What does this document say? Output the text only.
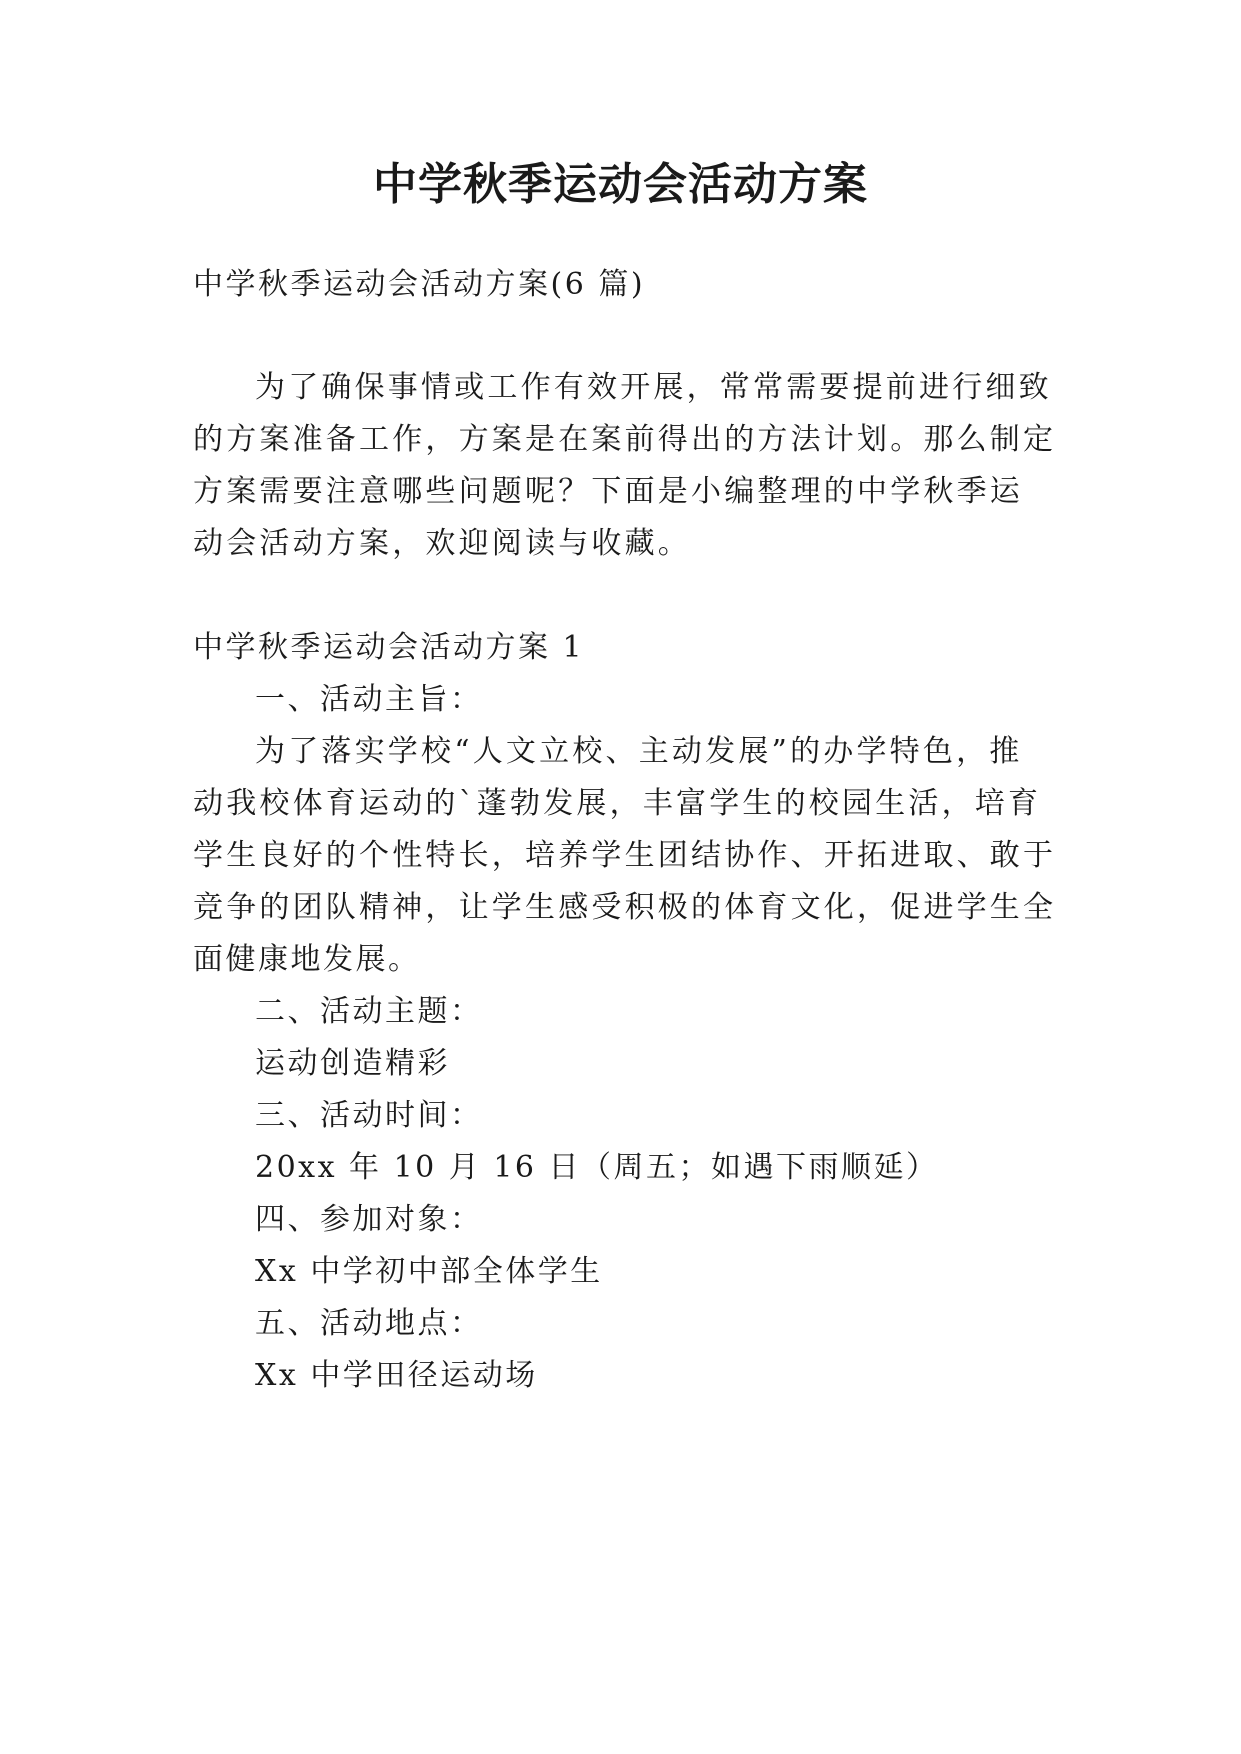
中学秋季运动会活动方案
中学秋季运动会活动方案(6 篇)
为了确保事情或工作有效开展，常常需要提前进行细致
的方案准备工作，方案是在案前得出的方法计划。那么制定
方案需要注意哪些问题呢？下面是小编整理的中学秋季运
动会活动方案，欢迎阅读与收藏。
中学秋季运动会活动方案 1
一、活动主旨：
为了落实学校“人文立校、主动发展”的办学特色，推
动我校体育运动的`蓬勃发展，丰富学生的校园生活，培育
学生良好的个性特长，培养学生团结协作、开拓进取、敢于
竞争的团队精神，让学生感受积极的体育文化，促进学生全
面健康地发展。
二、活动主题：
运动创造精彩
三、活动时间：
20xx 年 10 月 16 日（周五；如遇下雨顺延）
四、参加对象：
Xx 中学初中部全体学生
五、活动地点：
Xx 中学田径运动场
